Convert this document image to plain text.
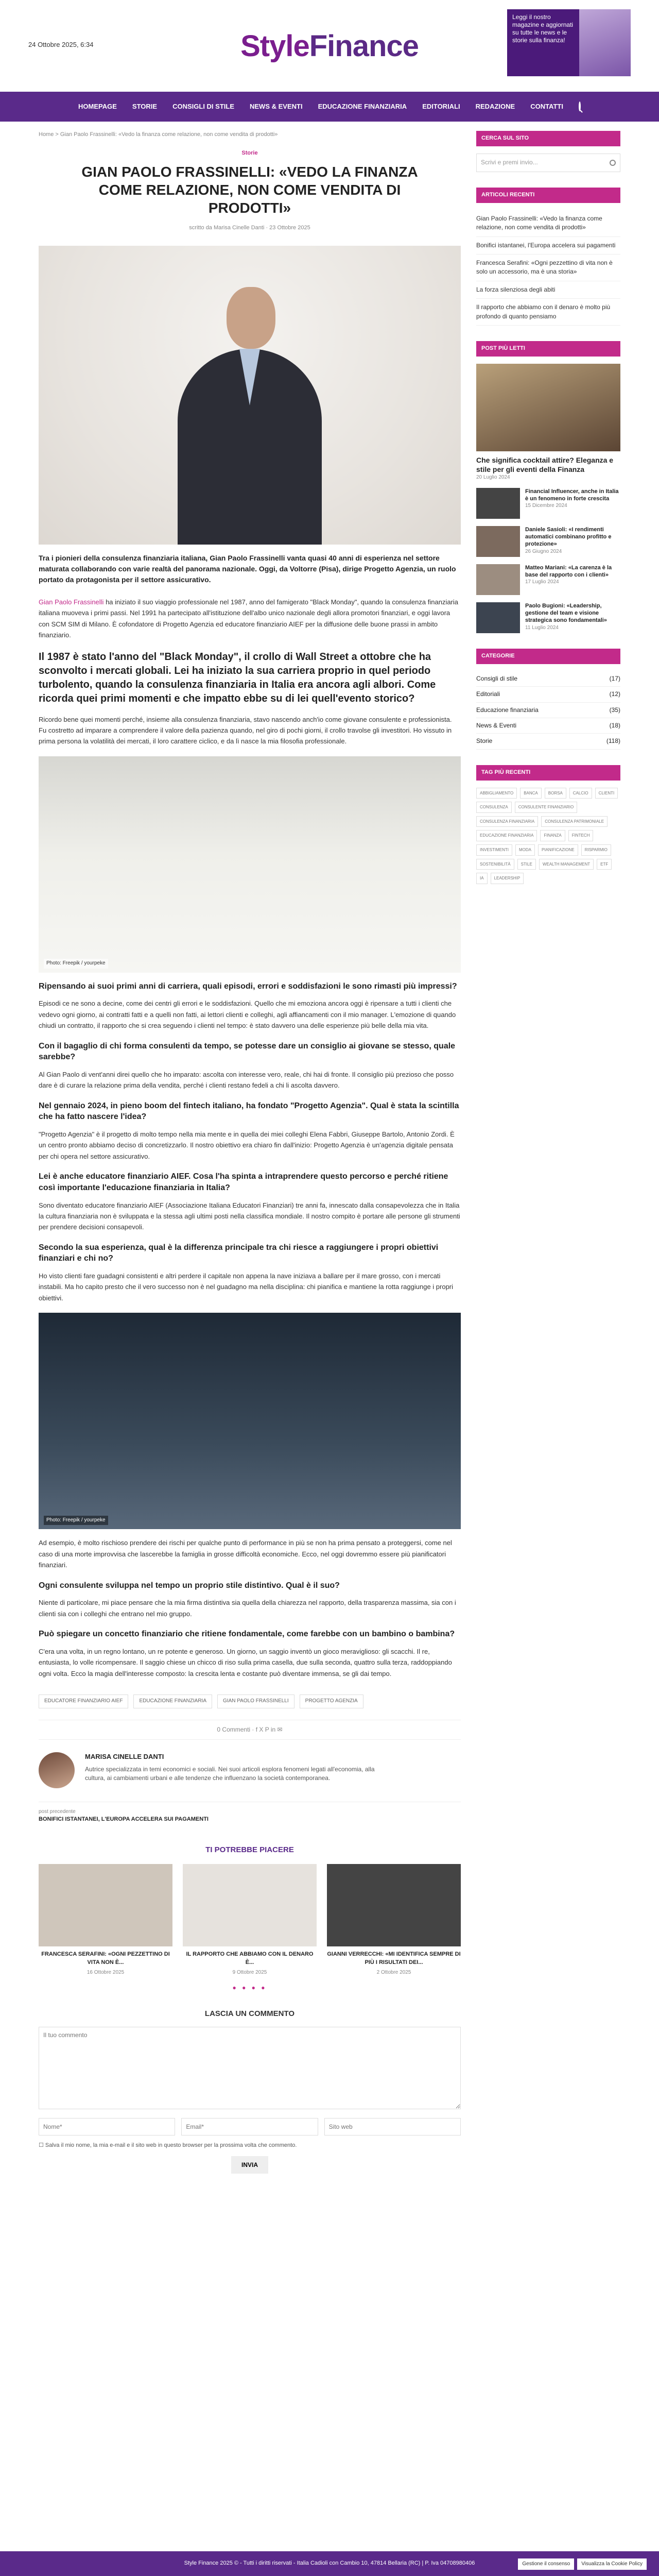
24 Ottobre 2025, 6:34	StyleFinance
Leggi il nostro magazine e aggiornati su tutte le news e le storie sulla finanza!
HOMEPAGE STORIE CONSIGLI DI STILE NEWS & EVENTI EDUCAZIONE FINANZIARIA EDITORIALI REDAZIONE CONTATTI
Home > Gian Paolo Frassinelli: «Vedo la finanza come relazione, non come vendita di prodotti»
Storie
GIAN PAOLO FRASSINELLI: «VEDO LA FINANZA COME RELAZIONE, NON COME VENDITA DI PRODOTTI»
scritto da Marisa Cinelle Danti · 23 Ottobre 2025
Tra i pionieri della consulenza finanziaria italiana, Gian Paolo Frassinelli vanta quasi 40 anni di esperienza nel settore maturata collaborando con varie realtà del panorama nazionale. Oggi, da Voltorre (Pisa), dirige Progetto Agenzia, un ruolo portato da protagonista per il settore assicurativo.

Gian Paolo Frassinelli ha iniziato il suo viaggio professionale nel 1987, anno del famigerato "Black Monday", quando la consulenza finanziaria italiana muoveva i primi passi. Nel 1991 ha partecipato all'istituzione dell'albo unico nazionale degli allora promotori finanziari, e oggi lavora con SCM SIM di Milano. È cofondatore di Progetto Agenzia ed educatore finanziario AIEF per la diffusione delle buone prassi in ambito finanziario.

Il 1987 è stato l'anno del "Black Monday", il crollo di Wall Street a ottobre che ha sconvolto i mercati globali. Lei ha iniziato la sua carriera proprio in quel periodo turbolento, quando la consulenza finanziaria in Italia era ancora agli albori. Come ricorda quei primi momenti e che impatto ebbe su di lei quell'evento storico?

Ricordo bene quei momenti perché, insieme alla consulenza finanziaria, stavo nascendo anch'io come giovane consulente e professionista. Fu costretto ad imparare a comprendere il valore della pazienza quando, nel giro di pochi giorni, il crollo travolse gli investitori. Ho vissuto in prima persona la volatilità dei mercati, il loro carattere ciclico, e da lì nasce la mia filosofia professionale.

Photo: Freepik / yourpeke
Ripensando ai suoi primi anni di carriera, quali episodi, errori e soddisfazioni le sono rimasti più impressi?

Episodi ce ne sono a decine, come dei centri gli errori e le soddisfazioni. Quello che mi emoziona ancora oggi è ripensare a tutti i clienti che vedevo ogni giorno, ai contratti fatti e a quelli non fatti, ai lettori clienti e colleghi, agli affiancamenti con il mio manager. L'emozione di quando chiudi un contratto, il rapporto che si crea seguendo i clienti nel tempo: è stato davvero una delle esperienze più belle della mia vita.

Con il bagaglio di chi forma consulenti da tempo, se potesse dare un consiglio ai giovane se stesso, quale sarebbe?

Al Gian Paolo di vent'anni direi quello che ho imparato: ascolta con interesse vero, reale, chi hai di fronte. Il consiglio più prezioso che posso dare è di curare la relazione prima della vendita, perché i clienti restano fedeli a chi li ascolta davvero.

Nel gennaio 2024, in pieno boom del fintech italiano, ha fondato "Progetto Agenzia". Qual è stata la scintilla che ha fatto nascere l'idea?

"Progetto Agenzia" è il progetto di molto tempo nella mia mente e in quella dei miei colleghi Elena Fabbri, Giuseppe Bartolo, Antonio Zordi. È un centro pronto abbiamo deciso di concretizzarlo. Il nostro obiettivo era chiaro fin dall'inizio: Progetto Agenzia è un'agenzia digitale pensata per chi opera nel settore assicurativo.

Lei è anche educatore finanziario AIEF. Cosa l'ha spinta a intraprendere questo percorso e perché ritiene così importante l'educazione finanziaria in Italia?

Sono diventato educatore finanziario AIEF (Associazione Italiana Educatori Finanziari) tre anni fa, innescato dalla consapevolezza che in Italia la cultura finanziaria non è sviluppata e la stessa agli ultimi posti nella classifica mondiale. Il nostro compito è portare alle persone gli strumenti per prendere decisioni consapevoli.

Secondo la sua esperienza, qual è la differenza principale tra chi riesce a raggiungere i propri obiettivi finanziari e chi no?

Ho visto clienti fare guadagni consistenti e altri perdere il capitale non appena la nave iniziava a ballare per il mare grosso, con i mercati instabili. Ma ho capito presto che il vero successo non è nel guadagno ma nella disciplina: chi pianifica e mantiene la rotta raggiunge i propri obiettivi.

Photo: Freepik / yourpeke

Ad esempio, è molto rischioso prendere dei rischi per qualche punto di performance in più se non ha prima pensato a proteggersi, come nel caso di una morte improvvisa che lascerebbe la famiglia in grosse difficoltà economiche. Ecco, nel oggi dovremmo essere più pianificatori finanziari.

Ogni consulente sviluppa nel tempo un proprio stile distintivo. Qual è il suo?

Niente di particolare, mi piace pensare che la mia firma distintiva sia quella della chiarezza nel rapporto, della trasparenza massima, sia con i clienti sia con i colleghi che entrano nel mio gruppo.

Può spiegare un concetto finanziario che ritiene fondamentale, come farebbe con un bambino o bambina?

C'era una volta, in un regno lontano, un re potente e generoso. Un giorno, un saggio inventò un gioco meraviglioso: gli scacchi. Il re, entusiasta, lo volle ricompensare. Il saggio chiese un chicco di riso sulla prima casella, due sulla seconda, quattro sulla terza, raddoppiando ogni volta. Ecco la magia dell'interesse composto: la crescita lenta e costante può diventare immensa, se gli dai tempo.

EDUCATORE FINANZIARIO AIEF	EDUCAZIONE FINANZIARIA	GIAN PAOLO FRASSINELLI	PROGETTO AGENZIA
0 Commenti · f X P in ✉
MARISA CINELLE DANTI
Autrice specializzata in temi economici e sociali. Nei suoi articoli esplora fenomeni legati all'economia, alla cultura, ai cambiamenti urbani e alle tendenze che influenzano la società contemporanea.
post precedente
BONIFICI ISTANTANEI, L'EUROPA ACCELERA SUI PAGAMENTI
TI POTREBBE PIACERE
FRANCESCA SERAFINI: «OGNI PEZZETTINO DI VITA NON È...
16 Ottobre 2025
IL RAPPORTO CHE ABBIAMO CON IL DENARO È...
9 Ottobre 2025
GIANNI VERRECCHI: «MI IDENTIFICA SEMPRE DI PIÙ I RISULTATI DEI...
2 Ottobre 2025
● ● ● ●
LASCIA UN COMMENTO
Il tuo commento
Nome*
Email*
Sito web
☐ Salva il mio nome, la mia e-mail e il sito web in questo browser per la prossima volta che commento.
INVIA
CERCA SUL SITO
Scrivi e premi invio...
ARTICOLI RECENTI
Gian Paolo Frassinelli: «Vedo la finanza come relazione, non come vendita di prodotti»
Bonifici istantanei, l'Europa accelera sui pagamenti
Francesca Serafini: «Ogni pezzettino di vita non è solo un accessorio, ma è una storia»
La forza silenziosa degli abiti
Il rapporto che abbiamo con il denaro è molto più profondo di quanto pensiamo
POST PIÙ LETTI
Che significa cocktail attire? Eleganza e stile per gli eventi della Finanza
20 Luglio 2024
Financial Influencer, anche in Italia è un fenomeno in forte crescita
15 Dicembre 2024
Daniele Sasioli: «I rendimenti automatici combinano profitto e protezione»
26 Giugno 2024
Matteo Mariani: «La carenza è la base del rapporto con i clienti»
17 Luglio 2024
Paolo Bugioni: «Leadership, gestione del team e visione strategica sono fondamentali»
11 Luglio 2024
CATEGORIE
Consigli di stile	(17)
Editoriali	(12)
Educazione finanziaria	(35)
News & Eventi	(18)
Storie	(118)
TAG PIÙ RECENTI
ABBIGLIAMENTO	BANCA	BORSA	CALCIO	CLIENTI
CONSULENZA	CONSULENTE FINANZIARIO
CONSULENZA FINANZIARIA	CONSULENZA PATRIMONIALE
EDUCAZIONE FINANZIARIA	FINANZA	FINTECH
INVESTIMENTI	MODA	PIANIFICAZIONE	RISPARMIO
SOSTENIBILITÀ	STILE	WEALTH MANAGEMENT	ETF
IA	LEADERSHIP
Style Finance 2025 © - Tutti i diritti riservati - Italia Cadioli con Cambio 10, 47814 Bellaria (RC) | P. Iva 04708980406	Gestione il consenso	Visualizza la Cookie Policy
